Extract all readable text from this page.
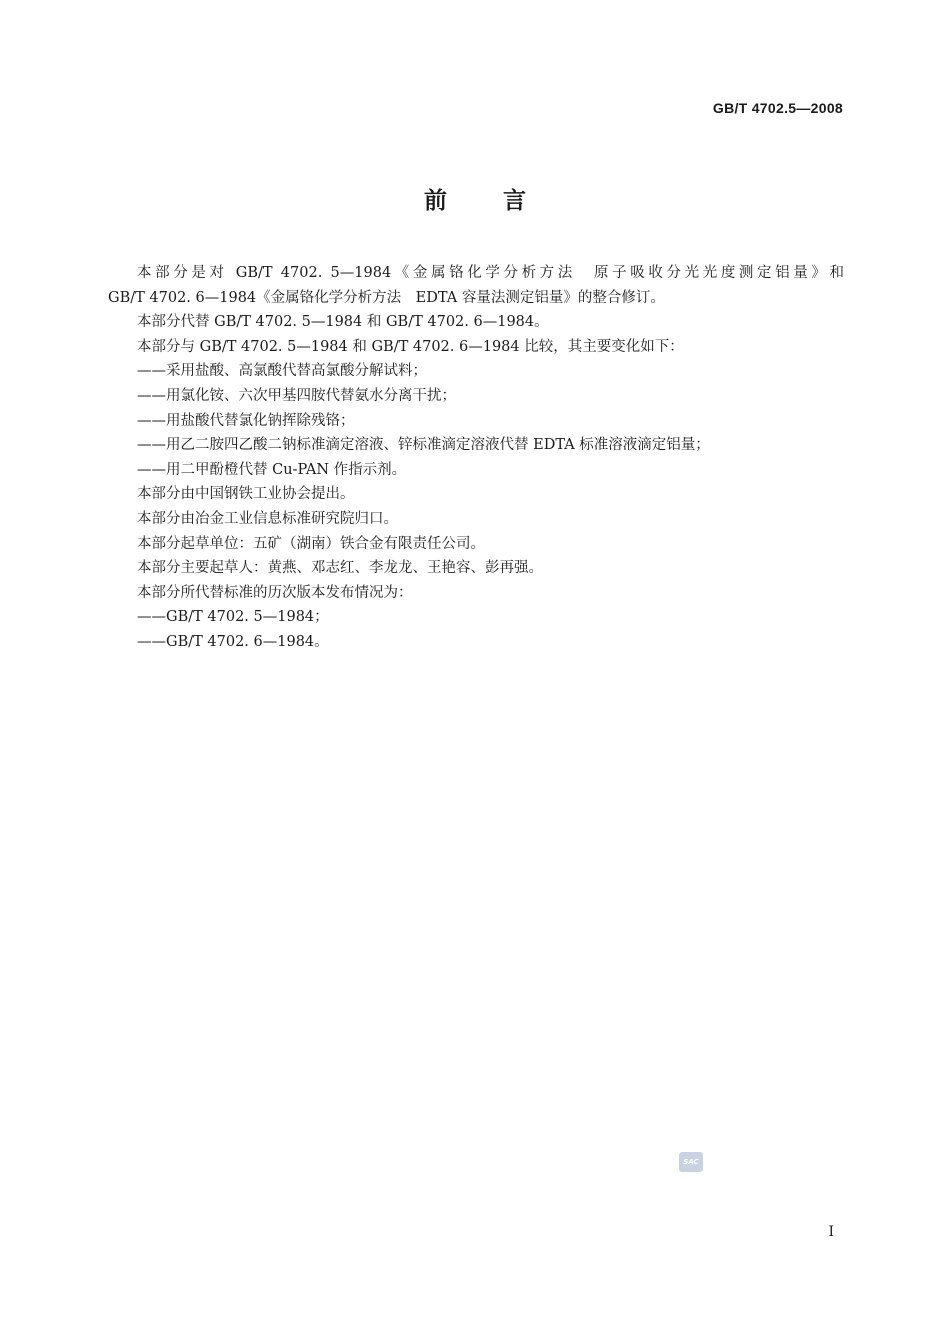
GB/T 4702.5—2008
前言

本部分是对 GB/T 4702. 5—1984《金属铬化学分析方法　原子吸收分光光度测定铝量》和

GB/T 4702. 6—1984《金属铬化学分析方法　EDTA 容量法测定铝量》的整合修订。

本部分代替 GB/T 4702. 5—1984 和 GB/T 4702. 6—1984。

本部分与 GB/T 4702. 5—1984 和 GB/T 4702. 6—1984 比较，其主要变化如下：

——采用盐酸、高氯酸代替高氯酸分解试料；

——用氯化铵、六次甲基四胺代替氨水分离干扰；

——用盐酸代替氯化钠挥除残铬；

——用乙二胺四乙酸二钠标准滴定溶液、锌标准滴定溶液代替 EDTA 标准溶液滴定铝量；

——用二甲酚橙代替 Cu-PAN 作指示剂。

本部分由中国钢铁工业协会提出。

本部分由冶金工业信息标准研究院归口。

本部分起草单位：五矿（湖南）铁合金有限责任公司。

本部分主要起草人：黄燕、邓志红、李龙龙、王艳容、彭再强。

本部分所代替标准的历次版本发布情况为：

——GB/T 4702. 5—1984；

——GB/T 4702. 6—1984。

SAC
I
